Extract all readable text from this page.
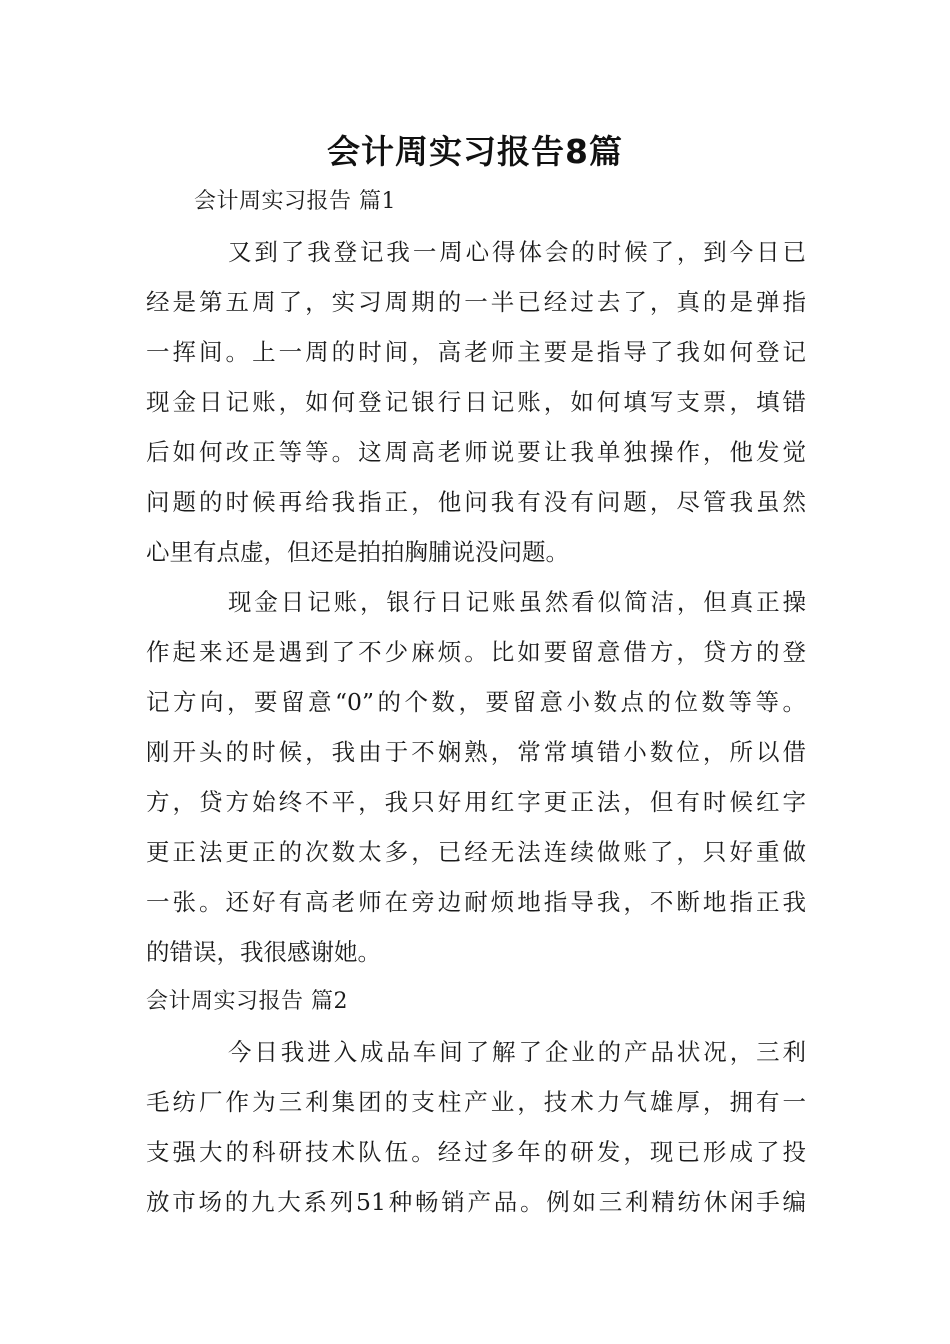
会计周实习报告8篇
会计周实习报告 篇1
又到了我登记我一周心得体会的时候了，到今日已
经是第五周了，实习周期的一半已经过去了，真的是弹指
一挥间。上一周的时间，高老师主要是指导了我如何登记
现金日记账，如何登记银行日记账，如何填写支票，填错
后如何改正等等。这周高老师说要让我单独操作，他发觉
问题的时候再给我指正，他问我有没有问题，尽管我虽然
心里有点虚，但还是拍拍胸脯说没问题。
现金日记账，银行日记账虽然看似简洁，但真正操
作起来还是遇到了不少麻烦。比如要留意借方，贷方的登
记方向，要留意“0”的个数，要留意小数点的位数等等。
刚开头的时候，我由于不娴熟，常常填错小数位，所以借
方，贷方始终不平，我只好用红字更正法，但有时候红字
更正法更正的次数太多，已经无法连续做账了，只好重做
一张。还好有高老师在旁边耐烦地指导我，不断地指正我
的错误，我很感谢她。
会计周实习报告 篇2
今日我进入成品车间了解了企业的产品状况，三利
毛纺厂作为三利集团的支柱产业，技术力气雄厚，拥有一
支强大的科研技术队伍。经过多年的研发，现已形成了投
放市场的九大系列51种畅销产品。例如三利精纺休闲手编
